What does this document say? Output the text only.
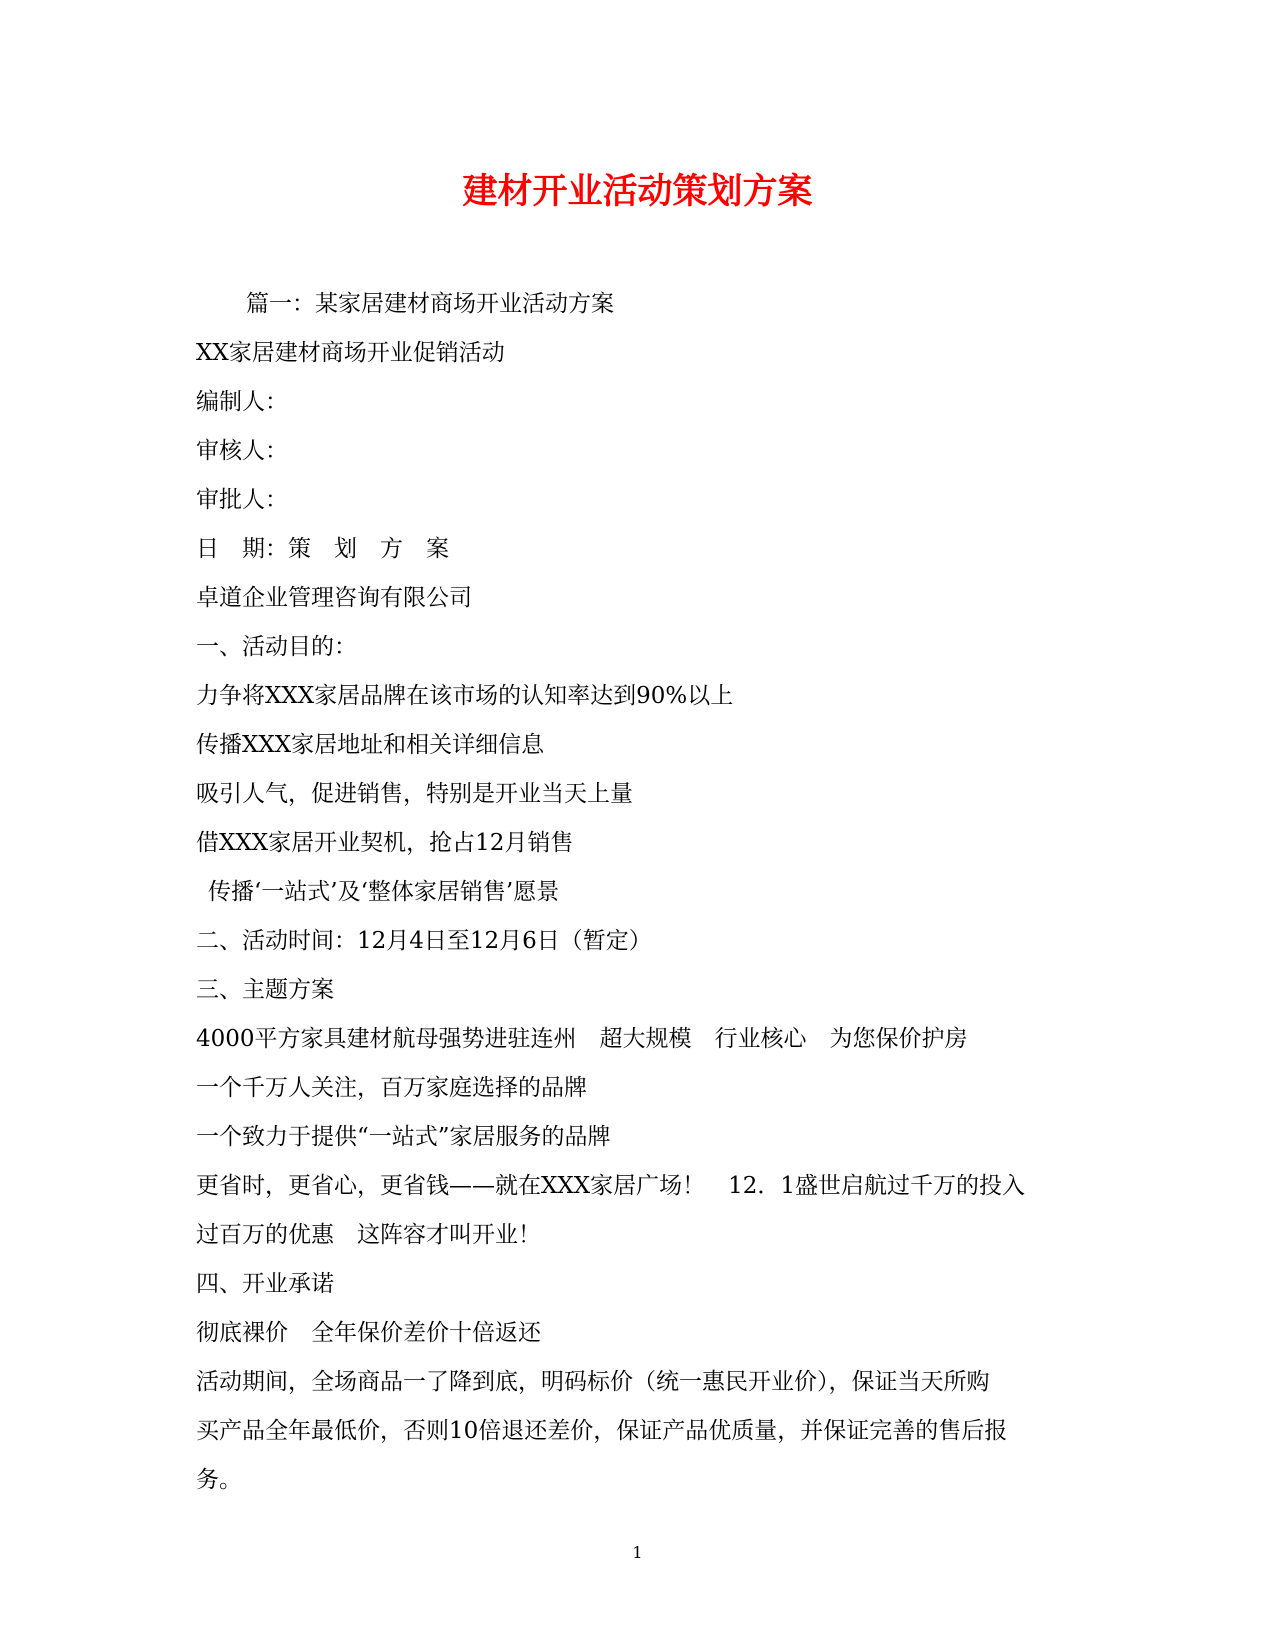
建材开业活动策划方案

篇一：某家居建材商场开业活动方案

XX家居建材商场开业促销活动

编制人：

审核人：

审批人：

日　期：策　划　方　案

卓道企业管理咨询有限公司

一、活动目的：

力争将XXX家居品牌在该市场的认知率达到90%以上

传播XXX家居地址和相关详细信息

吸引人气，促进销售，特别是开业当天上量

借XXX家居开业契机，抢占12月销售

传播‘一站式’及‘整体家居销售’愿景

二、活动时间：12月4日至12月6日（暂定）

三、主题方案

4000平方家具建材航母强势进驻连州　超大规模　行业核心　为您保价护房

一个千万人关注，百万家庭选择的品牌

一个致力于提供“一站式”家居服务的品牌

更省时，更省心，更省钱——就在XXX家居广场！　12．1盛世启航过千万的投入

过百万的优惠　这阵容才叫开业！

四、开业承诺

彻底裸价　全年保价差价十倍返还

活动期间，全场商品一了降到底，明码标价（统一惠民开业价），保证当天所购

买产品全年最低价，否则10倍退还差价，保证产品优质量，并保证完善的售后报

务。

1
